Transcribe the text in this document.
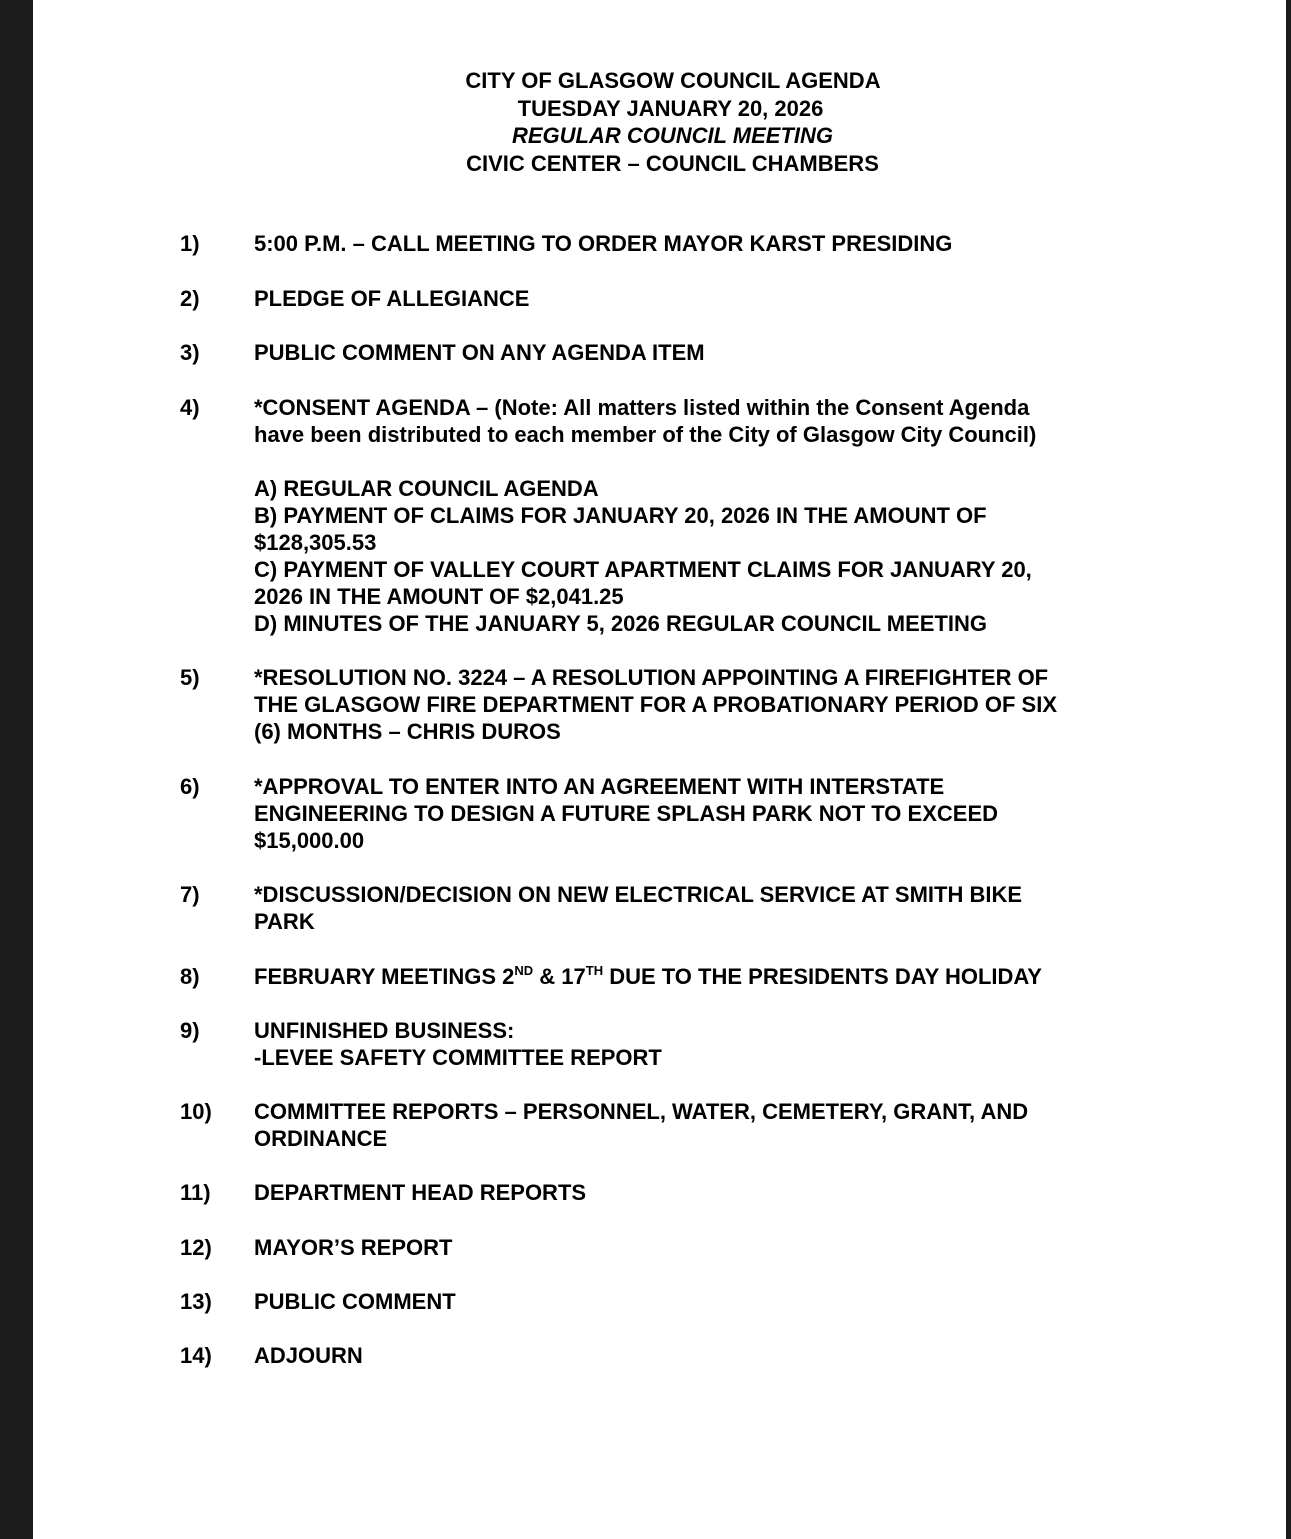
CITY OF GLASGOW COUNCIL AGENDA
TUESDAY JANUARY 20, 2026
REGULAR COUNCIL MEETING
CIVIC CENTER – COUNCIL CHAMBERS
1) 5:00 P.M. – CALL MEETING TO ORDER MAYOR KARST PRESIDING
2) PLEDGE OF ALLEGIANCE
3) PUBLIC COMMENT ON ANY AGENDA ITEM
4) *CONSENT AGENDA – (Note: All matters listed within the Consent Agenda
have been distributed to each member of the City of Glasgow City Council)
A) REGULAR COUNCIL AGENDA
B) PAYMENT OF CLAIMS FOR JANUARY 20, 2026 IN THE AMOUNT OF
$128,305.53
C) PAYMENT OF VALLEY COURT APARTMENT CLAIMS FOR JANUARY 20,
2026 IN THE AMOUNT OF $2,041.25
D) MINUTES OF THE JANUARY 5, 2026 REGULAR COUNCIL MEETING
5) *RESOLUTION NO. 3224 – A RESOLUTION APPOINTING A FIREFIGHTER OF
THE GLASGOW FIRE DEPARTMENT FOR A PROBATIONARY PERIOD OF SIX
(6) MONTHS – CHRIS DUROS
6) *APPROVAL TO ENTER INTO AN AGREEMENT WITH INTERSTATE
ENGINEERING TO DESIGN A FUTURE SPLASH PARK NOT TO EXCEED
$15,000.00
7) *DISCUSSION/DECISION ON NEW ELECTRICAL SERVICE AT SMITH BIKE
PARK
8) FEBRUARY MEETINGS 2ND & 17TH DUE TO THE PRESIDENTS DAY HOLIDAY
9) UNFINISHED BUSINESS:
-LEVEE SAFETY COMMITTEE REPORT
10) COMMITTEE REPORTS – PERSONNEL, WATER, CEMETERY, GRANT, AND
ORDINANCE
11) DEPARTMENT HEAD REPORTS
12) MAYOR’S REPORT
13) PUBLIC COMMENT
14) ADJOURN
